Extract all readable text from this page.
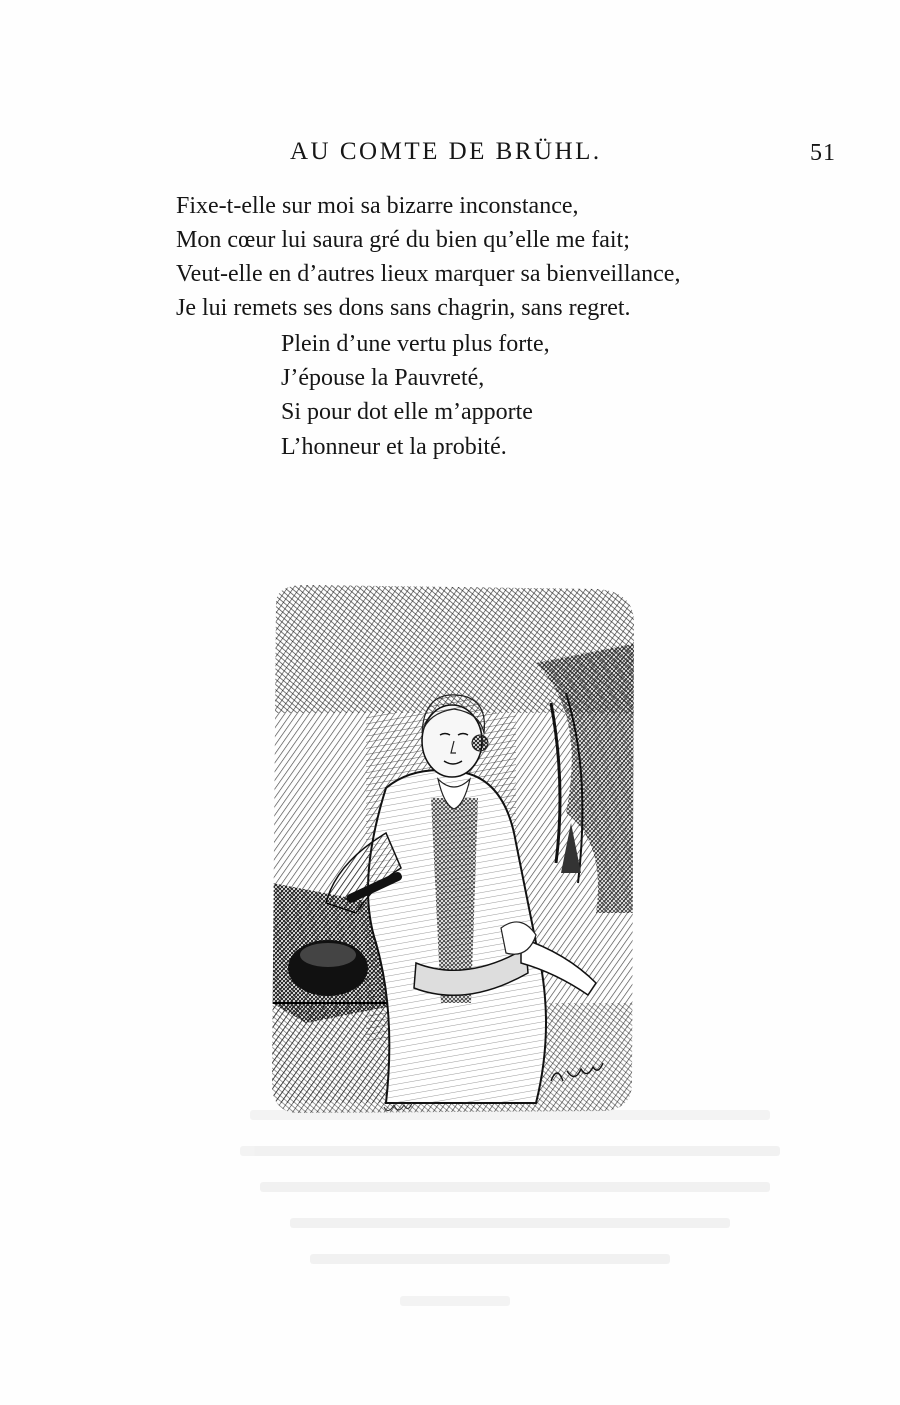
AU COMTE DE BRÜHL.	51
Fixe-t-elle sur moi sa bizarre inconstance,
Mon cœur lui saura gré du bien qu’elle me fait;
Veut-elle en d’autres lieux marquer sa bienveillance,
Je lui remets ses dons sans chagrin, sans regret.
Plein d’une vertu plus forte,
J’épouse la Pauvreté,
Si pour dot elle m’apporte
L’honneur et la probité.
